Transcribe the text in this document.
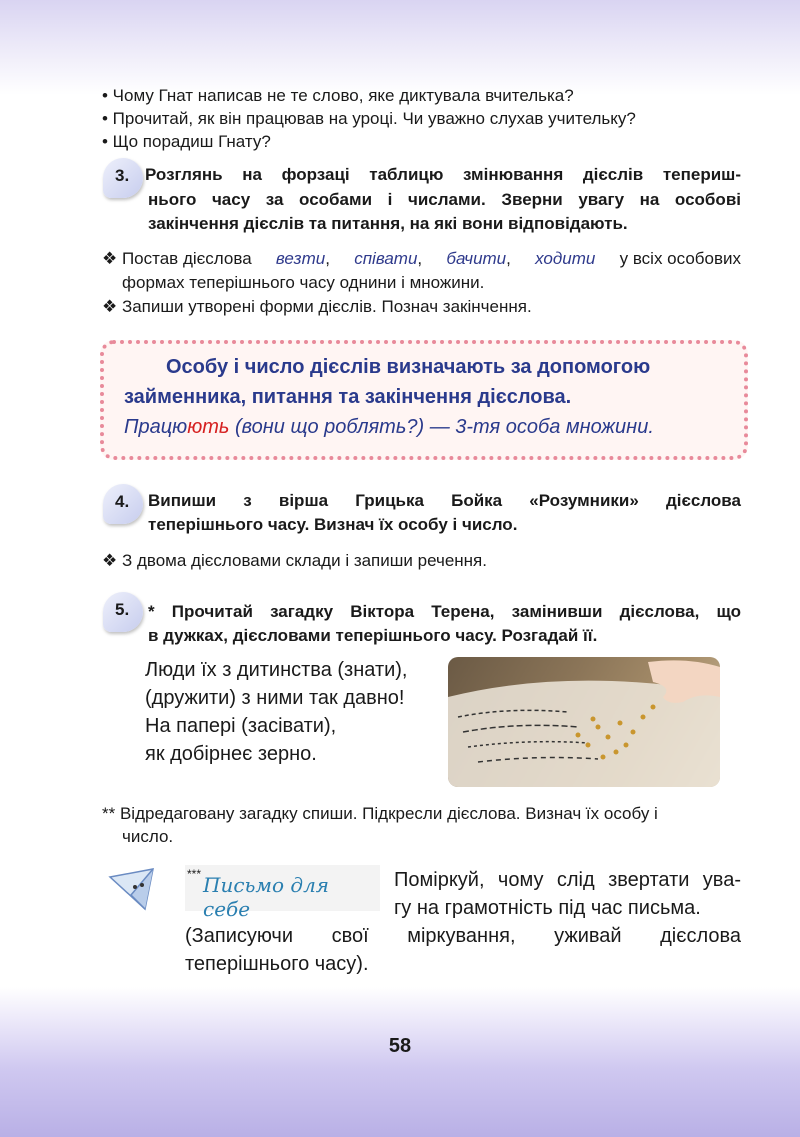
• Чому Гнат написав не те слово, яке диктувала вчителька?
• Прочитай, як він працював на уроці. Чи уважно слухав учительку?
• Що порадиш Гнату?
3. Розглянь на форзаці таблицю змінювання дієслів тепериш-
нього часу за особами і числами. Зверни увагу на особові
закінчення дієслів та питання, на які вони відповідають.
❖ Постав дієслова везти, співати, бачити, ходити у всіх особових
формах теперішнього часу однини і множини.
❖ Запиши утворені форми дієслів. Познач закінчення.
Особу і число дієслів визначають за допомогою
займенника, питання та закінчення дієслова.
Працюють (вони що роблять?) — 3-тя особа множини.
4. Випиши з вірша Грицька Бойка «Розумники» дієслова
теперішнього часу. Визнач їх особу і число.
❖ З двома дієсловами склади і запиши речення.
5. * Прочитай загадку Віктора Терена, замінивши дієслова, що
в дужках, дієсловами теперішнього часу. Розгадай її.
Люди їх з дитинства (знати),
(дружити) з ними так давно!
На папері (засівати),
як добірнеє зерно.
** Відредаговану загадку спиши. Підкресли дієслова. Визнач їх особу і
число.
*** Письмо для себе
Поміркуй, чому слід звертати ува-
гу на грамотність під час письма.
(Записуючи свої міркування, уживай дієслова
теперішнього часу).
58
